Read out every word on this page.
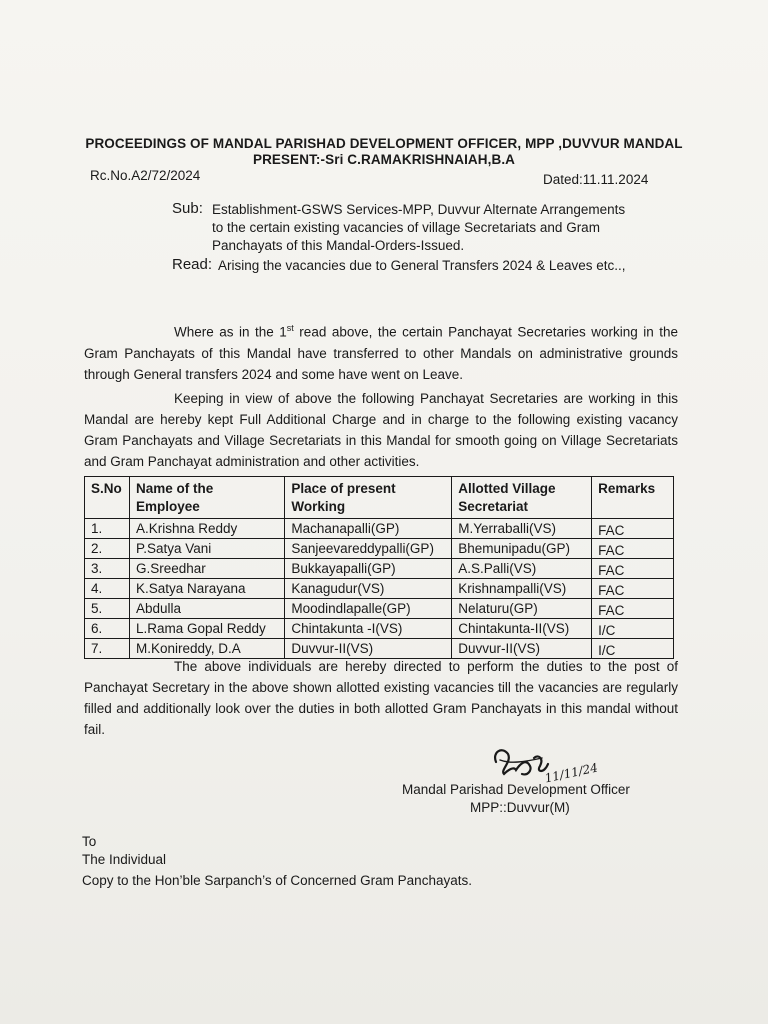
PROCEEDINGS OF MANDAL PARISHAD DEVELOPMENT OFFICER, MPP ,DUVVUR MANDAL
PRESENT:-Sri C.RAMAKRISHNAIAH,B.A
Rc.No.A2/72/2024	Dated:11.11.2024
Sub: Establishment-GSWS Services-MPP, Duvvur Alternate Arrangements
to the certain existing vacancies of village Secretariats and Gram
Panchayats of this Mandal-Orders-Issued.
Read: Arising the vacancies due to General Transfers 2024 & Leaves etc..,
Where as in the 1st read above, the certain Panchayat Secretaries working in the Gram Panchayats of this Mandal have transferred to other Mandals on administrative grounds through General transfers 2024 and some have went on Leave.
Keeping in view of above the following Panchayat Secretaries are working in this Mandal are hereby kept Full Additional Charge and in charge to the following existing vacancy Gram Panchayats and Village Secretariats in this Mandal for smooth going on Village Secretariats and Gram Panchayat administration and other activities.
S.No	Name of the Employee	Place of present Working	Allotted Village Secretariat	Remarks
1.	A.Krishna Reddy	Machanapalli(GP)	M.Yerraballi(VS)	FAC
2.	P.Satya Vani	Sanjeevareddypalli(GP)	Bhemunipadu(GP)	FAC
3.	G.Sreedhar	Bukkayapalli(GP)	A.S.Palli(VS)	FAC
4.	K.Satya Narayana	Kanagudur(VS)	Krishnampalli(VS)	FAC
5.	Abdulla	Moodindlapalle(GP)	Nelaturu(GP)	FAC
6.	L.Rama Gopal Reddy	Chintakunta -I(VS)	Chintakunta-II(VS)	I/C
7.	M.Konireddy, D.A	Duvvur-II(VS)	Duvvur-II(VS)	I/C
The above individuals are hereby directed to perform the duties to the post of Panchayat Secretary in the above shown allotted existing vacancies till the vacancies are regularly filled and additionally look over the duties in both allotted Gram Panchayats in this mandal without fail.
11/11/24
Mandal Parishad Development Officer
MPP::Duvvur(M)
To
The Individual
Copy to the Hon’ble Sarpanch’s of Concerned Gram Panchayats.
